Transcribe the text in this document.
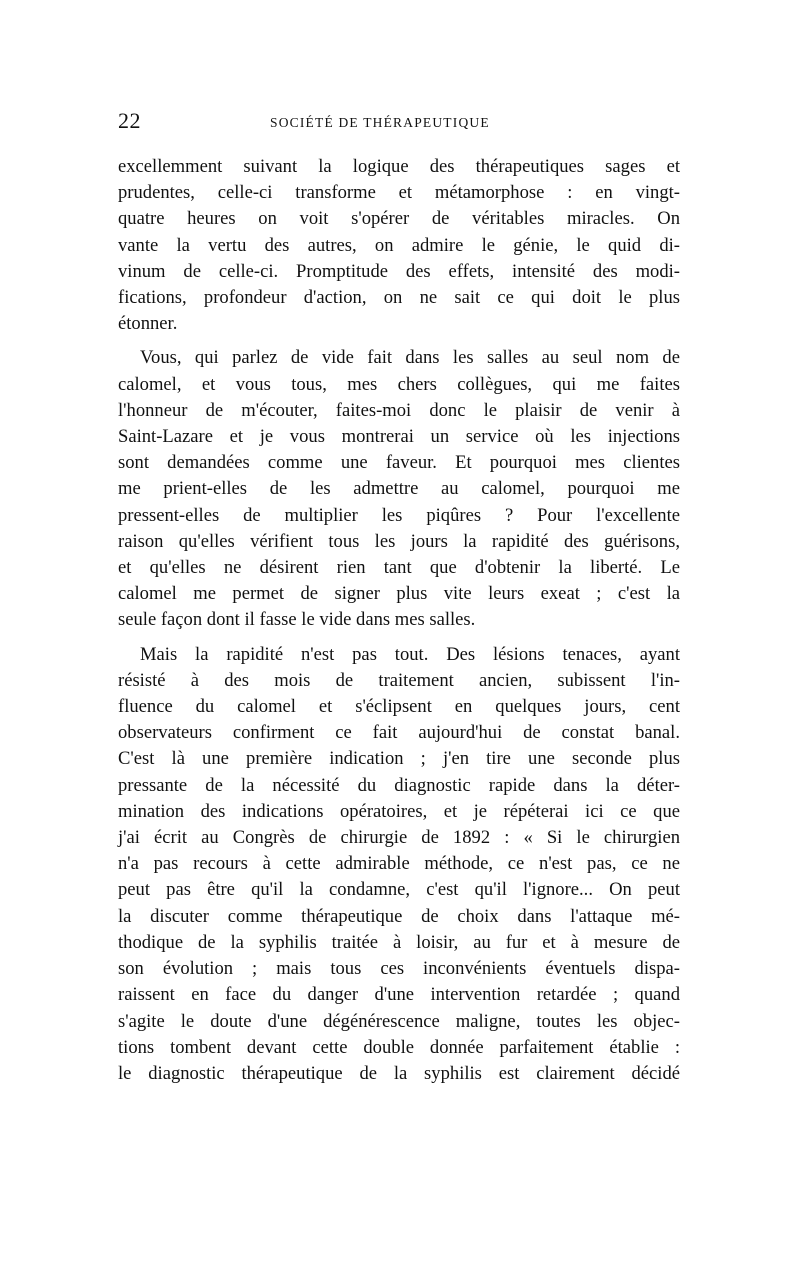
22	SOCIÉTÉ DE THÉRAPEUTIQUE
excellemment suivant la logique des thérapeutiques sages et
prudentes, celle-ci transforme et métamorphose : en vingt-
quatre heures on voit s'opérer de véritables miracles. On
vante la vertu des autres, on admire le génie, le quid di-
vinum de celle-ci. Promptitude des effets, intensité des modi-
fications, profondeur d'action, on ne sait ce qui doit le plus
étonner.
Vous, qui parlez de vide fait dans les salles au seul nom de
calomel, et vous tous, mes chers collègues, qui me faites
l'honneur de m'écouter, faites-moi donc le plaisir de venir à
Saint-Lazare et je vous montrerai un service où les injections
sont demandées comme une faveur. Et pourquoi mes clientes
me prient-elles de les admettre au calomel, pourquoi me
pressent-elles de multiplier les piqûres ? Pour l'excellente
raison qu'elles vérifient tous les jours la rapidité des guérisons,
et qu'elles ne désirent rien tant que d'obtenir la liberté. Le
calomel me permet de signer plus vite leurs exeat ; c'est la
seule façon dont il fasse le vide dans mes salles.
Mais la rapidité n'est pas tout. Des lésions tenaces, ayant
résisté à des mois de traitement ancien, subissent l'in-
fluence du calomel et s'éclipsent en quelques jours, cent
observateurs confirment ce fait aujourd'hui de constat banal.
C'est là une première indication ; j'en tire une seconde plus
pressante de la nécessité du diagnostic rapide dans la déter-
mination des indications opératoires, et je répéterai ici ce que
j'ai écrit au Congrès de chirurgie de 1892 : « Si le chirurgien
n'a pas recours à cette admirable méthode, ce n'est pas, ce ne
peut pas être qu'il la condamne, c'est qu'il l'ignore... On peut
la discuter comme thérapeutique de choix dans l'attaque mé-
thodique de la syphilis traitée à loisir, au fur et à mesure de
son évolution ; mais tous ces inconvénients éventuels dispa-
raissent en face du danger d'une intervention retardée ; quand
s'agite le doute d'une dégénérescence maligne, toutes les objec-
tions tombent devant cette double donnée parfaitement établie :
le diagnostic thérapeutique de la syphilis est clairement décidé
